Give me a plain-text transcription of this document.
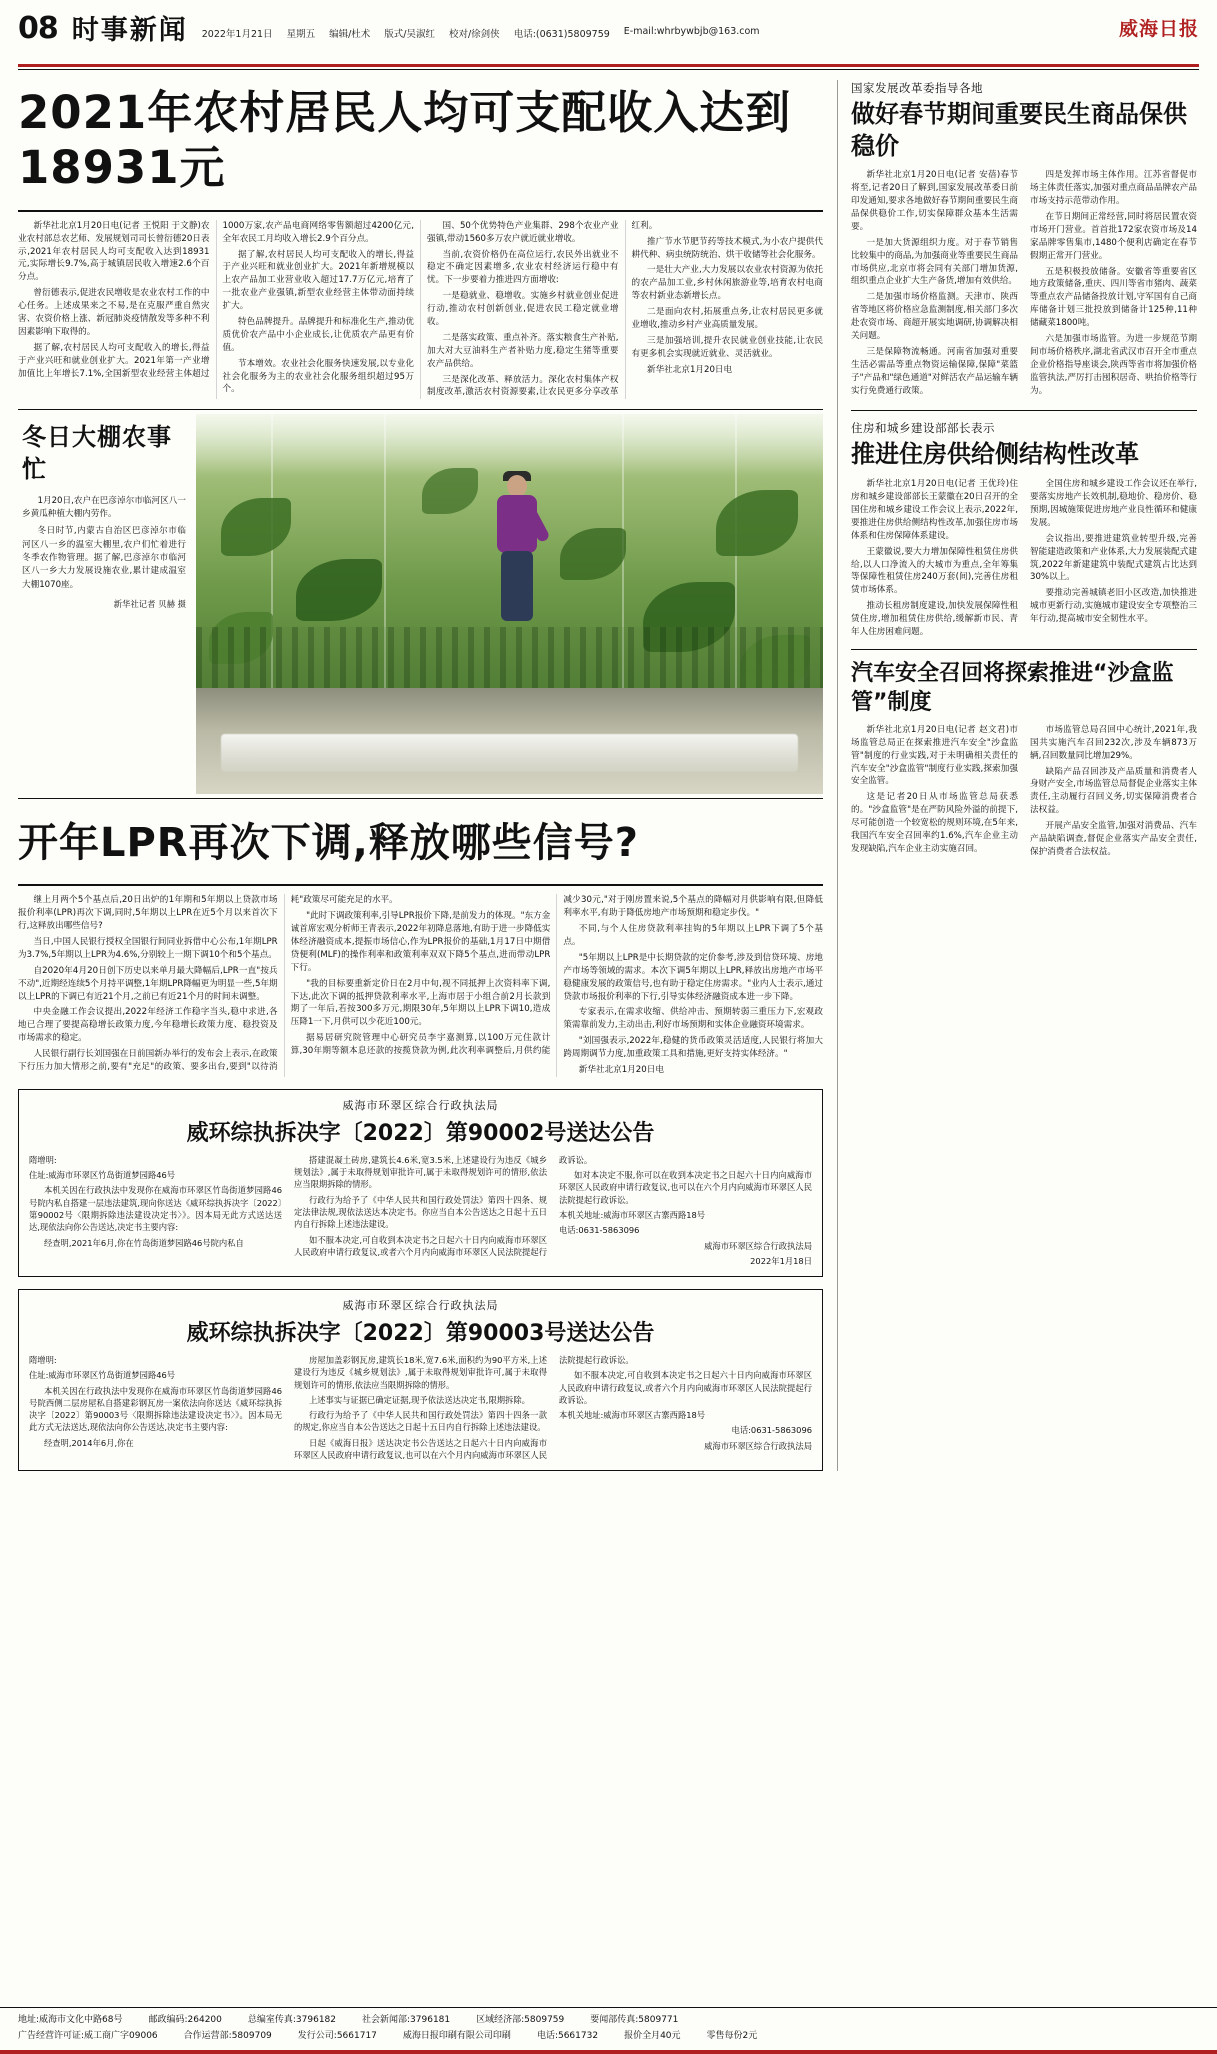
08 时事新闻 2022年1月21日 星期五 编辑/杜术 版式/吴淑红 校对/徐剑侠 电话:(0631)5809759 E-mail:whrbywbjb@163.com	威海日报
2021年农村居民人均可支配收入达到18931元

新华社北京1月20日电(记者 王悦阳 于文静)农业农村部总农艺师、发展规划司司长曾衍德20日表示,2021年农村居民人均可支配收入达到18931元,实际增长9.7%,高于城镇居民收入增速2.6个百分点。

曾衍德表示,促进农民增收是农业农村工作的中心任务。上述成果来之不易,是在克服严重自然灾害、农资价格上涨、新冠肺炎疫情散发等多种不利因素影响下取得的。

据了解,农村居民人均可支配收入的增长,得益于产业兴旺和就业创业扩大。2021年第一产业增加值比上年增长7.1%,全国新型农业经营主体超过1000万家,农产品电商网络零售额超过4200亿元,全年农民工月均收入增长2.9个百分点。

据了解,农村居民人均可支配收入的增长,得益于产业兴旺和就业创业扩大。2021年新增规模以上农产品加工业营业收入超过17.7万亿元,培育了一批农业产业强镇,新型农业经营主体带动面持续扩大。

特色品牌提升。品牌提升和标准化生产,推动优质优价农产品中小企业成长,让优质农产品更有价值。

节本增效。农业社会化服务快速发展,以专业化社会化服务为主的农业社会化服务组织超过95万个。

国、50个优势特色产业集群、298个农业产业强镇,带动1560多万农户就近就业增收。

当前,农资价格仍在高位运行,农民外出就业不稳定不确定因素增多,农业农村经济运行稳中有忧。下一步要着力推进四方面增收:

一是稳就业、稳增收。实施乡村就业创业促进行动,推动农村创新创业,促进农民工稳定就业增收。

二是落实政策、重点补齐。落实粮食生产补贴,加大对大豆油料生产者补贴力度,稳定生猪等重要农产品供给。

三是深化改革、释放活力。深化农村集体产权制度改革,激活农村资源要素,让农民更多分享改革红利。

推广节水节肥节药等技术模式,为小农户提供代耕代种、病虫统防统治、烘干收储等社会化服务。

一是壮大产业,大力发展以农业农村资源为依托的农产品加工业,乡村休闲旅游业等,培育农村电商等农村新业态新增长点。

二是面向农村,拓展重点务,让农村居民更多就业增收,推动乡村产业高质量发展。

三是加强培训,提升农民就业创业技能,让农民有更多机会实现就近就业、灵活就业。

新华社北京1月20日电

冬日大棚农事忙

1月20日,农户在巴彦淖尔市临河区八一乡黄瓜种植大棚内劳作。

冬日时节,内蒙古自治区巴彦淖尔市临河区八一乡的温室大棚里,农户们忙着进行冬季农作物管理。据了解,巴彦淖尔市临河区八一乡大力发展设施农业,累计建成温室大棚1070座。

新华社记者 贝赫 摄
开年LPR再次下调,释放哪些信号?

继上月两个5个基点后,20日出炉的1年期和5年期以上贷款市场报价利率(LPR)再次下调,同时,5年期以上LPR在近5个月以来首次下行,这释放出哪些信号?

当日,中国人民银行授权全国银行间同业拆借中心公布,1年期LPR为3.7%,5年期以上LPR为4.6%,分别较上一期下调10个和5个基点。

自2020年4月20日创下历史以来单月最大降幅后,LPR一直"按兵不动",近期经连续5个月持平调整,1年期LPR降幅更为明显一些,5年期以上LPR的下调已有近21个月,之前已有近21个月的时间未调整。

中央金融工作会议提出,2022年经济工作稳字当头,稳中求进,各地已合理了要提高稳增长政策力度,今年稳增长政策力度、稳投资及市场需求的稳定。

人民银行副行长刘国强在日前国新办举行的发布会上表示,在政策下行压力加大情形之前,要有"充足"的政策、要多出台,要到"以待消耗"政策尽可能充足的水平。

"此时下调政策利率,引导LPR报价下降,是前发力的体现。"东方金诚首席宏观分析师王青表示,2022年初降息落地,有助于进一步降低实体经济融资成本,提振市场信心,作为LPR报价的基础,1月17日中期借贷便利(MLF)的操作利率和政策利率双双下降5个基点,进而带动LPR下行。

"我的目标要重新定价日在2月中旬,视不同抵押上次资料率下调,下达,此次下调的抵押贷款利率水平,上海市居于小组合前2月长款到期了一年后,若按300多万元,期限30年,5年期以上LPR下调10,造成压降1一下,月供可以少花近100元。

据易居研究院管理中心研究员李宇嘉测算,以100万元住款计算,30年期等额本息还款的按揽贷款为例,此次利率调整后,月供约能减少30元,"对于刚房置来说,5个基点的降幅对月供影响有限,但降低利率水平,有助于降低房地产市场预期和稳定步伐。"

不同,与个人住房贷款利率挂钩的5年期以上LPR下调了5个基点。

"5年期以上LPR是中长期贷款的定价参考,涉及到信贷环境、房地产市场等领域的需求。本次下调5年期以上LPR,释放出房地产市场平稳健康发展的政策信号,也有助于稳定住房需求。"业内人士表示,通过贷款市场报价利率的下行,引导实体经济融资成本进一步下降。

专家表示,在需求收缩、供给冲击、预期转弱三重压力下,宏观政策需靠前发力,主动出击,利好市场预期和实体企业融资环境需求。

"刘国强表示,2022年,稳健的货币政策灵活适度,人民银行将加大跨周期调节力度,加重政策工具和措施,更好支持实体经济。"

新华社北京1月20日电

威海市环翠区综合行政执法局
威环综执拆决字〔2022〕第90002号送达公告

隋增明:

住址:威海市环翠区竹岛街道梦园路46号

本机关因在行政执法中发现你在威海市环翠区竹岛街道梦园路46号院内私自搭建一层违法建筑,现向你送达《威环综执拆决字〔2022〕第90002号〈限期拆除违法建设决定书〉》。因本局无此方式送达送达,现依法向你公告送达,决定书主要内容:

经查明,2021年6月,你在竹岛街道梦园路46号院内私自

搭建混凝土砖房,建筑长4.6米,宽3.5米,上述建设行为违反《城乡规划法》,属于未取得规划审批许可,属于未取得规划许可的情形,依法应当限期拆除的情形。

行政行为给予了《中华人民共和国行政处罚法》第四十四条、规定法律法规,现依法送达本决定书。你应当自本公告送达之日起十五日内自行拆除上述违法建设。

如不服本决定,可自收到本决定书之日起六十日内向威海市环翠区人民政府申请行政复议,或者六个月内向威海市环翠区人民法院提起行政诉讼。

如对本决定不服,你可以在收到本决定书之日起六十日内向威海市环翠区人民政府申请行政复议,也可以在六个月内向威海市环翠区人民法院提起行政诉讼。

本机关地址:威海市环翠区古寨西路18号

电话:0631-5863096

威海市环翠区综合行政执法局

2022年1月18日

威海市环翠区综合行政执法局
威环综执拆决字〔2022〕第90003号送达公告

隋增明:

住址:威海市环翠区竹岛街道梦园路46号

本机关因在行政执法中发现你在威海市环翠区竹岛街道梦园路46号院西侧二层房屋私自搭建彩钢瓦房一案依法向你送达《威环综执拆决字〔2022〕第90003号〈限期拆除违法建设决定书〉》。因本局无此方式无法送达,现依法向你公告送达,决定书主要内容:

经查明,2014年6月,你在

房屋加盖彩钢瓦房,建筑长18米,宽7.6米,面积约为90平方米,上述建设行为违反《城乡规划法》,属于未取得规划审批许可,属于未取得规划许可的情形,依法应当限期拆除的情形。

上述事实与证据已确定证据,现予依法送达决定书,限期拆除。

行政行为给予了《中华人民共和国行政处罚法》第四十四条一款的规定,你应当自本公告送达之日起十五日内自行拆除上述违法建设。

日起《威海日报》送达决定书公告送达之日起六十日内向威海市环翠区人民政府申请行政复议,也可以在六个月内向威海市环翠区人民法院提起行政诉讼。

如不服本决定,可自收到本决定书之日起六十日内向威海市环翠区人民政府申请行政复议,或者六个月内向威海市环翠区人民法院提起行政诉讼。

本机关地址:威海市环翠区古寨西路18号

电话:0631-5863096

威海市环翠区综合行政执法局

国家发展改革委指导各地
做好春节期间重要民生商品保供稳价

新华社北京1月20日电(记者 安蓓)春节将至,记者20日了解到,国家发展改革委日前印发通知,要求各地做好春节期间重要民生商品保供稳价工作,切实保障群众基本生活需要。

一是加大货源组织力度。对于春节销售比较集中的商品,为加强商业等重要民生商品市场供应,北京市将会同有关部门增加货源,组织重点企业扩大生产备货,增加有效供给。

二是加强市场价格监测。天津市、陕西省等地区将价格应急监测制度,相关部门多次赴农资市场、商超开展实地调研,协调解决相关问题。

三是保障物流畅通。河南省加强对重要生活必需品等重点物资运输保障,保障"菜篮子"产品和"绿色通道"对鲜活农产品运输车辆实行免费通行政策。

四是发挥市场主体作用。江苏省督促市场主体责任落实,加强对重点商品品牌农产品市场支持示范带动作用。

在节日期间正常经营,同时将居民置农资市场开门营业。首首批172家农资市场及14家品牌零售集市,1480个便利店确定在春节假期正常开门营业。

五是积极投放储备。安徽省等重要省区地方政策储备,重庆、四川等省市猪肉、蔬菜等重点农产品储备投放计划,守军国有自己商库储备计划三批投放到储备计125种,11种储藏菜1800吨。

六是加强市场监管。为进一步规范节期间市场价格秩序,湖北省武汉市召开全市重点企业价格指导座谈会,陕西等省市将加强价格监管执法,严厉打击囤积居奇、哄抬价格等行为。

住房和城乡建设部部长表示
推进住房供给侧结构性改革

新华社北京1月20日电(记者 王优玲)住房和城乡建设部部长王蒙徽在20日召开的全国住房和城乡建设工作会议上表示,2022年,要推进住房供给侧结构性改革,加强住房市场体系和住房保障体系建设。

王蒙徽说,要大力增加保障性租赁住房供给,以人口净流入的大城市为重点,全年筹集等保障性租赁住房240万套(间),完善住房租赁市场体系。

推动长租房制度建设,加快发展保障性租赁住房,增加租赁住房供给,缓解新市民、青年人住房困难问题。

全国住房和城乡建设工作会议还在举行,要落实房地产长效机制,稳地价、稳房价、稳预期,因城施策促进房地产业良性循环和健康发展。

会议指出,要推进建筑业转型升级,完善智能建造政策和产业体系,大力发展装配式建筑,2022年新建建筑中装配式建筑占比达到30%以上。

要推动完善城镇老旧小区改造,加快推进城市更新行动,实施城市建设安全专项整治三年行动,提高城市安全韧性水平。

汽车安全召回将探索推进“沙盒监管”制度

新华社北京1月20日电(记者 赵文君)市场监管总局正在探索推进汽车安全"沙盒监管"制度的行业实践,对于未明确相关责任的汽车安全"沙盒监管"制度行业实践,探索加强安全监管。

这是记者20日从市场监管总局获悉的。"沙盒监管"是在严防风险外溢的前提下,尽可能创造一个较宽松的规则环境,在5年来,我国汽车安全召回率约1.6%,汽车企业主动发现缺陷,汽车企业主动实施召回。

市场监管总局召回中心统计,2021年,我国共实施汽车召回232次,涉及车辆873万辆,召回数量同比增加29%。

缺陷产品召回涉及产品质量和消费者人身财产安全,市场监管总局督促企业落实主体责任,主动履行召回义务,切实保障消费者合法权益。

开展产品安全监管,加强对消费品、汽车产品缺陷调查,督促企业落实产品安全责任,保护消费者合法权益。

地址:威海市文化中路68号	邮政编码:264200	总编室传真:3796182	社会新闻部:3796181	区域经济部:5809759	要闻部传真:5809771
广告经营许可证:威工商广字09006	合作运营部:5809709	发行公司:5661717	威海日报印刷有限公司印刷	电话:5661732	报价全月40元	零售每份2元
